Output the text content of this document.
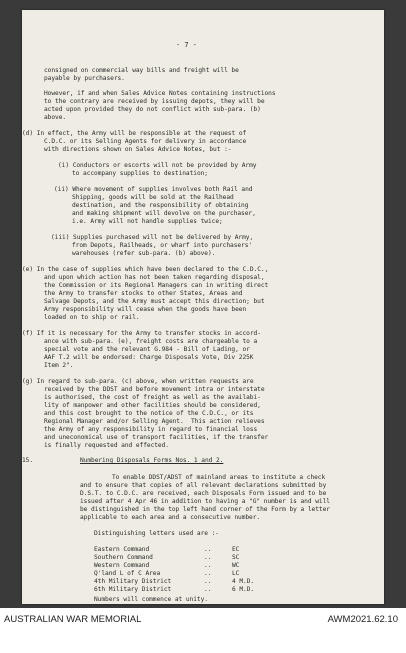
- 7 -
consigned on commercial way bills and freight will be
payable by purchasers.
However, if and when Sales Advice Notes containing instructions
to the contrary are received by issuing depots, they will be
acted upon provided they do not conflict with sub-para. (b)
above.
(d) In effect, the Army will be responsible at the request of
C.D.C. or its Selling Agents for delivery in accordance
with directions shown on Sales Advice Notes, but :-
(i) Conductors or escorts will not be provided by Army
to accompany supplies to destination;
(ii) Where movement of supplies involves both Rail and
Shipping, goods will be sold at the Railhead
destination, and the responsibility of obtaining
and making shipment will devolve on the purchaser,
i.e. Army will not handle supplies twice;
(iii) Supplies purchased will not be delivered by Army,
from Depots, Railheads, or wharf into purchasers'
warehouses (refer sub-para. (b) above).
(e) In the case of supplies which have been declared to the C.D.C.,
and upon which action has not been taken regarding disposal,
the Commission or its Regional Managers can in writing direct
the Army to transfer stocks to other States, Areas and
Salvage Depots, and the Army must accept this direction; but
Army responsibility will cease when the goods have been
loaded on to ship or rail.
(f) If it is necessary for the Army to transfer stocks in accord-
ance with sub-para. (e), freight costs are chargeable to a
special vote and the relevant G.984 - Bill of Lading, or
AAF T.2 will be endorsed: Charge Disposals Vote, Div 225K
Item 2".
(g) In regard to sub-para. (c) above, when written requests are
received by the DDST and before movement intra or interstate
is authorised, the cost of freight as well as the availabi-
lity of manpower and other facilities should be considered,
and this cost brought to the notice of the C.D.C., or its
Regional Manager and/or Selling Agent.  This action relieves
the Army of any responsibility in regard to financial loss
and uneconomical use of transport facilities, if the transfer
is finally requested and effected.
15.	Numbering Disposals Forms Nos. 1 and 2.
To enable DDST/ADST of mainland areas to institute a check
and to ensure that copies of all relevant declarations submitted by
D.S.T. to C.D.C. are received, each Disposals Form issued and to be
issued after 4 Apr 46 in addition to having a "G" number is and will
be distinguished in the top left hand corner of the Form by a letter
applicable to each area and a consecutive number.
Distinguishing letters used are :-
Eastern Command	..	EC
Southern Command	..	SC
Western Command	..	WC
Q'land L of C Area	..	LC
4th Military District	..	4 M.D.
6th Military District	..	6 M.D.
Numbers will commence at unity.
AUSTRALIAN WAR MEMORIAL	AWM2021.62.10
